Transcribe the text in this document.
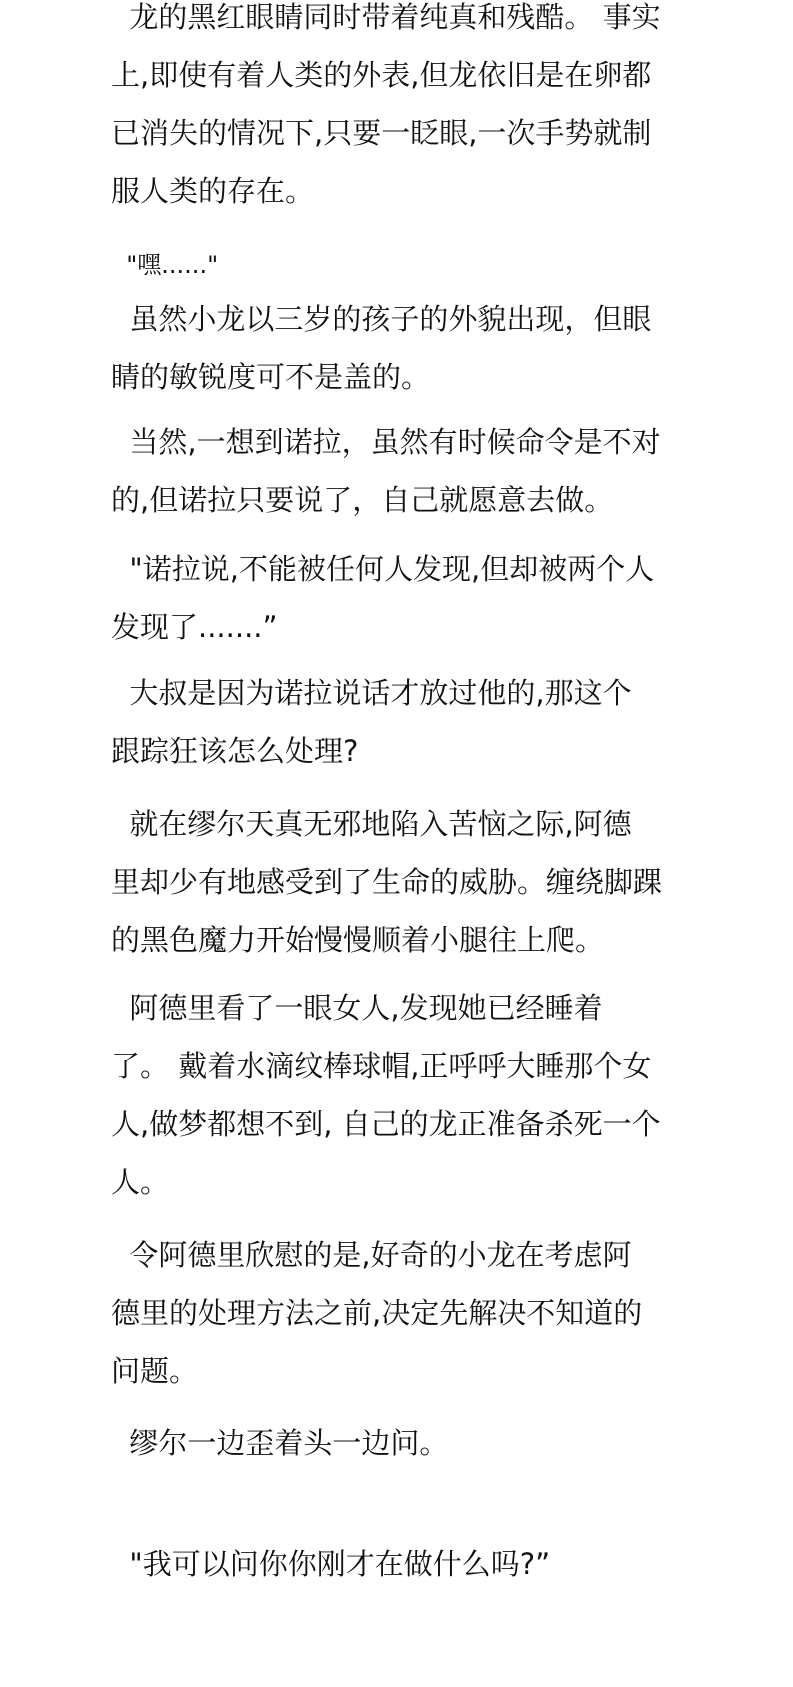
龙的黑红眼睛同时带着纯真和残酷。 事实

上,即使有着人类的外表,但龙依旧是在卵都

已消失的情况下,只要一眨眼,一次手势就制

服人类的存在。

"嘿......"

虽然小龙以三岁的孩子的外貌出现，但眼

睛的敏锐度可不是盖的。

当然,一想到诺拉，虽然有时候命令是不对

的,但诺拉只要说了，自己就愿意去做。

"诺拉说,不能被任何人发现,但却被两个人

发现了.......”

大叔是因为诺拉说话才放过他的,那这个

跟踪狂该怎么处理?

就在缪尔天真无邪地陷入苦恼之际,阿德

里却少有地感受到了生命的威胁。缠绕脚踝

的黑色魔力开始慢慢顺着小腿往上爬。

阿德里看了一眼女人,发现她已经睡着

了。 戴着水滴纹棒球帽,正呼呼大睡那个女

人,做梦都想不到, 自己的龙正准备杀死一个

人。

令阿德里欣慰的是,好奇的小龙在考虑阿

德里的处理方法之前,决定先解决不知道的

问题。

缪尔一边歪着头一边问。

"我可以问你你刚才在做什么吗?”
